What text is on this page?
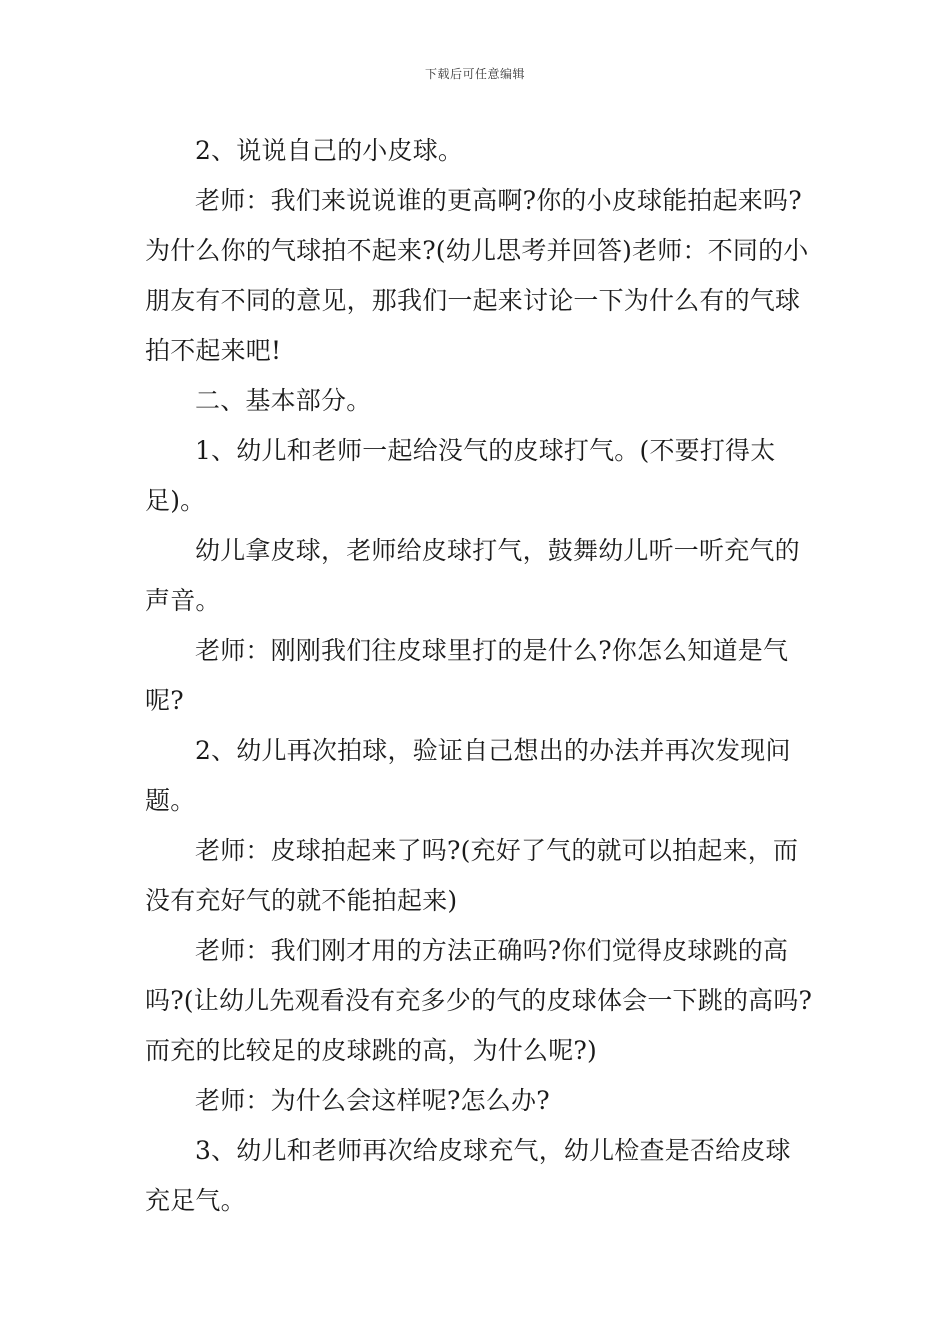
下载后可任意编辑

2、说说自己的小皮球。

老师：我们来说说谁的更高啊?你的小皮球能拍起来吗?为什么你的气球拍不起来?(幼儿思考并回答)老师：不同的小朋友有不同的意见，那我们一起来讨论一下为什么有的气球拍不起来吧!

二、基本部分。

1、幼儿和老师一起给没气的皮球打气。(不要打得太足)。

幼儿拿皮球，老师给皮球打气，鼓舞幼儿听一听充气的声音。

老师：刚刚我们往皮球里打的是什么?你怎么知道是气呢?

2、幼儿再次拍球，验证自己想出的办法并再次发现问题。

老师：皮球拍起来了吗?(充好了气的就可以拍起来，而没有充好气的就不能拍起来)

老师：我们刚才用的方法正确吗?你们觉得皮球跳的高吗?(让幼儿先观看没有充多少的气的皮球体会一下跳的高吗?而充的比较足的皮球跳的高，为什么呢?)

老师：为什么会这样呢?怎么办?

3、幼儿和老师再次给皮球充气，幼儿检查是否给皮球充足气。
